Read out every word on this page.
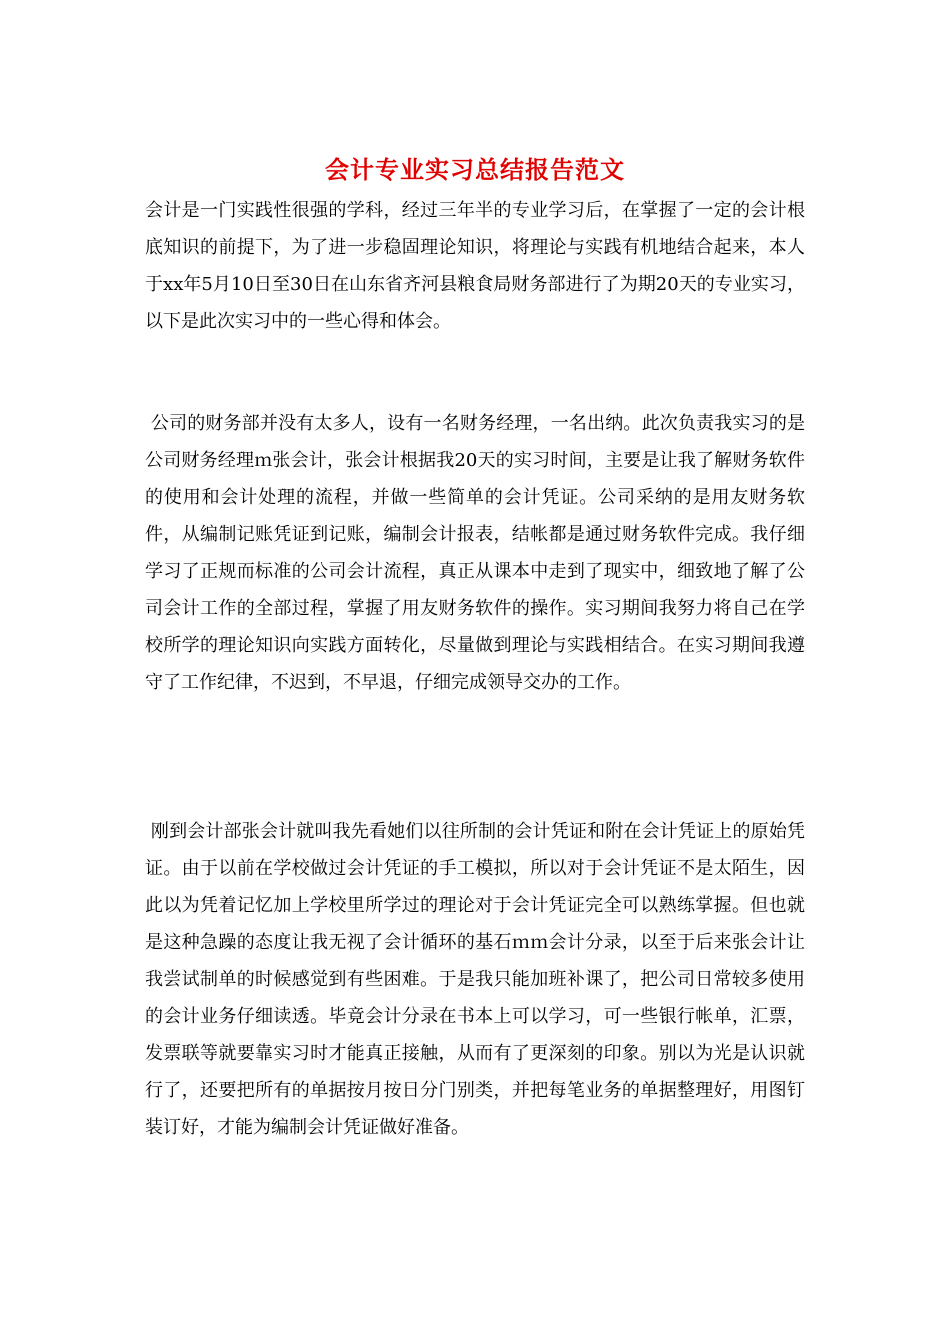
会计专业实习总结报告范文

会计是一门实践性很强的学科，经过三年半的专业学习后，在掌握了一定的会计根底知识的前提下，为了进一步稳固理论知识，将理论与实践有机地结合起来，本人于xx年5月10日至30日在山东省齐河县粮食局财务部进行了为期20天的专业实习，以下是此次实习中的一些心得和体会。

公司的财务部并没有太多人，设有一名财务经理，一名出纳。此次负责我实习的是公司财务经理ｍ张会计，张会计根据我20天的实习时间，主要是让我了解财务软件的使用和会计处理的流程，并做一些简单的会计凭证。公司采纳的是用友财务软件，从编制记账凭证到记账，编制会计报表，结帐都是通过财务软件完成。我仔细学习了正规而标准的公司会计流程，真正从课本中走到了现实中，细致地了解了公司会计工作的全部过程，掌握了用友财务软件的操作。实习期间我努力将自己在学校所学的理论知识向实践方面转化，尽量做到理论与实践相结合。在实习期间我遵守了工作纪律，不迟到，不早退，仔细完成领导交办的工作。

刚到会计部张会计就叫我先看她们以往所制的会计凭证和附在会计凭证上的原始凭证。由于以前在学校做过会计凭证的手工模拟，所以对于会计凭证不是太陌生，因此以为凭着记忆加上学校里所学过的理论对于会计凭证完全可以熟练掌握。但也就是这种急躁的态度让我无视了会计循环的基石ｍｍ会计分录，以至于后来张会计让我尝试制单的时候感觉到有些困难。于是我只能加班补课了，把公司日常较多使用的会计业务仔细读透。毕竟会计分录在书本上可以学习，可一些银行帐单，汇票，发票联等就要靠实习时才能真正接触，从而有了更深刻的印象。别以为光是认识就行了，还要把所有的单据按月按日分门别类，并把每笔业务的单据整理好，用图钉装订好，才能为编制会计凭证做好准备。
